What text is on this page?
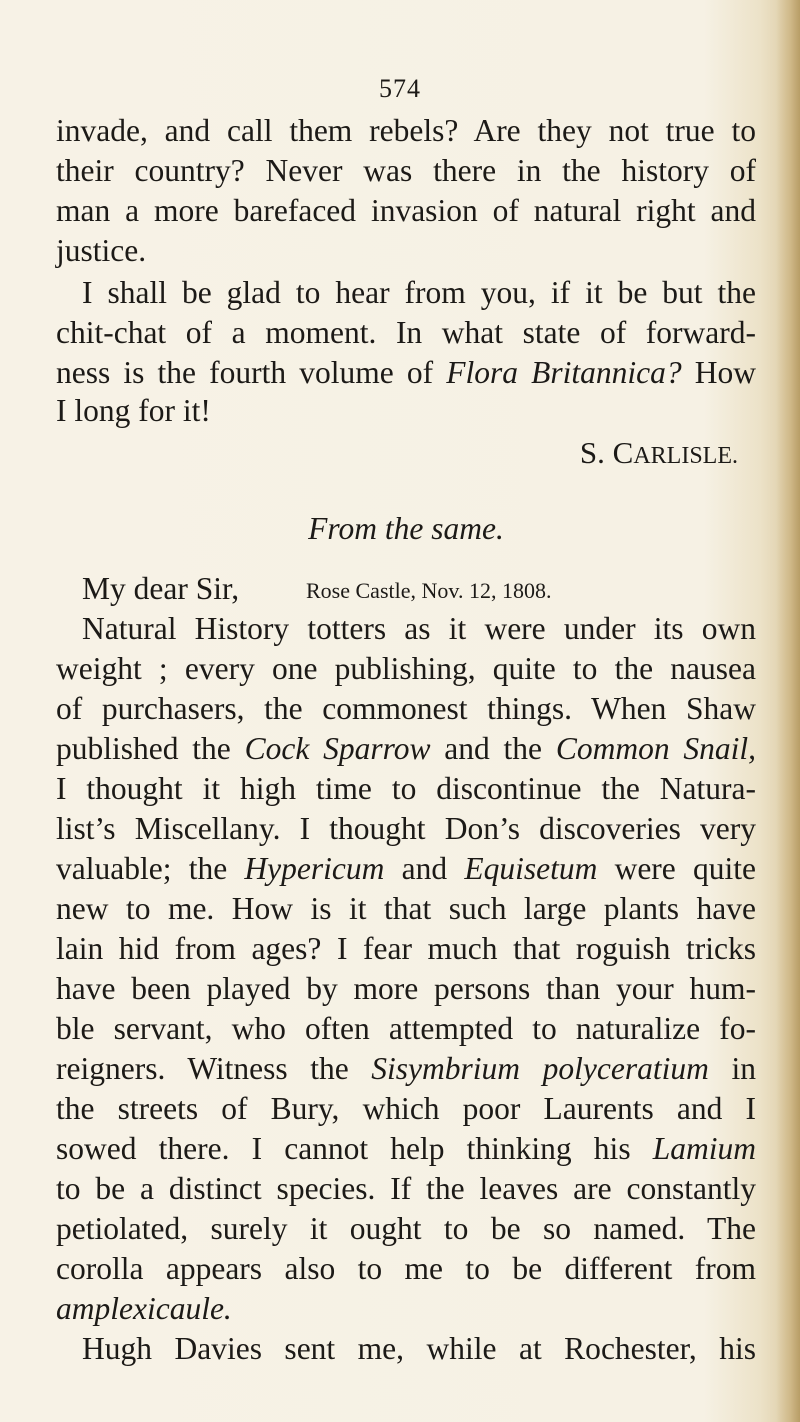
574
invade, and call them rebels? Are they not true to
their country? Never was there in the history of
man a more barefaced invasion of natural right and
justice.
I shall be glad to hear from you, if it be but the
chit-chat of a moment. In what state of forward-
ness is the fourth volume of Flora Britannica? How
I long for it!
S. CARLISLE.
From the same.
My dear Sir,	Rose Castle, Nov. 12, 1808.
Natural History totters as it were under its own
weight ; every one publishing, quite to the nausea
of purchasers, the commonest things. When Shaw
published the Cock Sparrow and the Common Snail,
I thought it high time to discontinue the Natura-
list’s Miscellany. I thought Don’s discoveries very
valuable; the Hypericum and Equisetum were quite
new to me. How is it that such large plants have
lain hid from ages? I fear much that roguish tricks
have been played by more persons than your hum-
ble servant, who often attempted to naturalize fo-
reigners. Witness the Sisymbrium polyceratium in
the streets of Bury, which poor Laurents and I
sowed there. I cannot help thinking his Lamium
to be a distinct species. If the leaves are constantly
petiolated, surely it ought to be so named. The
corolla appears also to me to be different from
amplexicaule.
Hugh Davies sent me, while at Rochester, his
